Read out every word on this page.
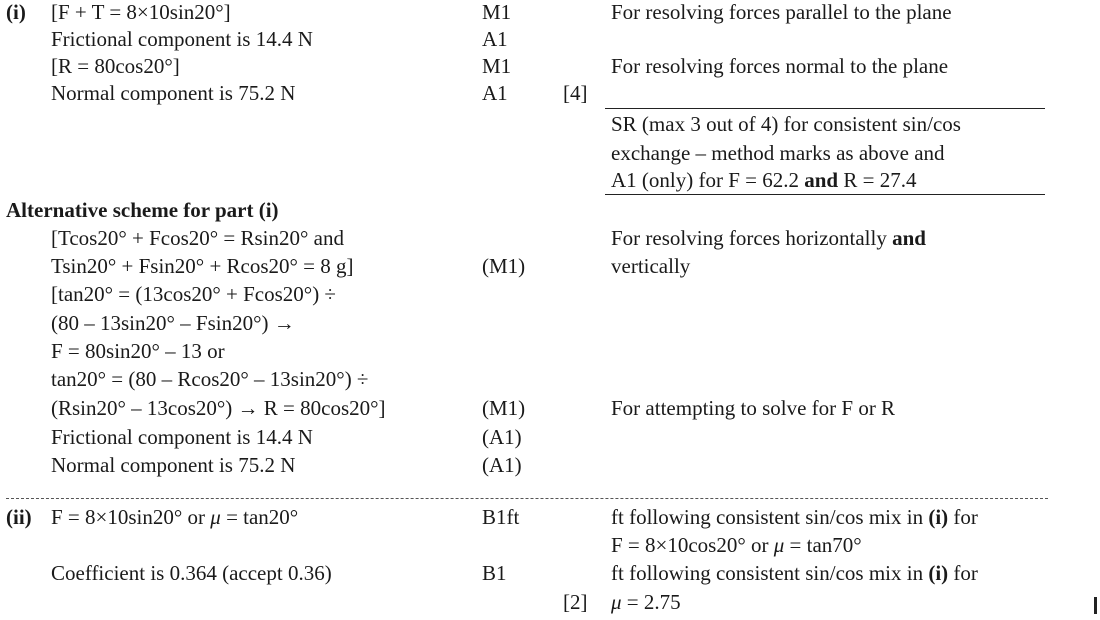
(i) [F + T = 8×10sin20°]
Frictional component is 14.4 N
[R = 80cos20°]
Normal component is 75.2 N
M1
A1
M1
A1	[4]
For resolving forces parallel to the plane
For resolving forces normal to the plane
SR (max 3 out of 4) for consistent sin/cos
exchange – method marks as above and
A1 (only) for F = 62.2 and R = 27.4
Alternative scheme for part (i)
[Tcos20° + Fcos20° = Rsin20° and
Tsin20° + Fsin20° + Rcos20° = 8 g]
[tan20° = (13cos20° + Fcos20°) ÷
(80 – 13sin20° – Fsin20°) →
F = 80sin20° – 13 or
tan20° = (80 – Rcos20° – 13sin20°) ÷
(Rsin20° – 13cos20°) → R = 80cos20°]
Frictional component is 14.4 N
Normal component is 75.2 N
(M1)
(M1)
(A1)
(A1)
For resolving forces horizontally and
vertically
For attempting to solve for F or R
(ii) F = 8×10sin20° or μ = tan20°
Coefficient is 0.364 (accept 0.36)
B1ft
B1
[2]
ft following consistent sin/cos mix in (i) for
F = 8×10cos20° or μ = tan70°
ft following consistent sin/cos mix in (i) for
μ = 2.75
